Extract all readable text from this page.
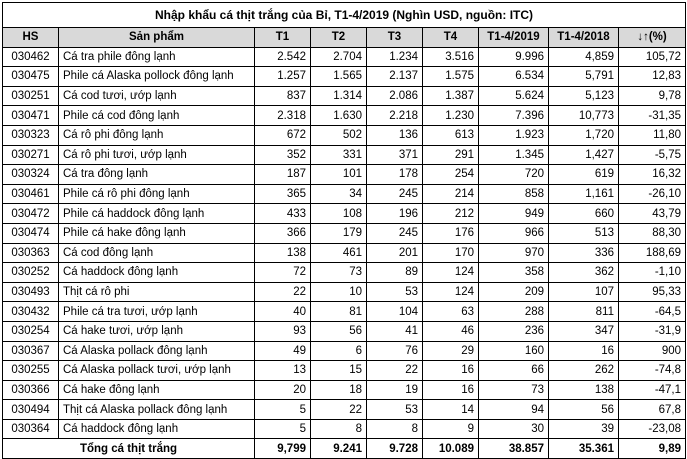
Nhập khẩu cá thịt trắng của Bỉ, T1-4/2019 (Nghìn USD, nguồn: ITC)								
HS	Sản phẩm	T1	T2	T3	T4	T1-4/2019	T1-4/2018	↓↑(%)
030462	Cá tra phile đông lạnh	2.542	2.704	1.234	3.516	9.996	4,859	105,72
030475	Phile cá Alaska pollock đông lạnh	1.257	1.565	2.137	1.575	6.534	5,791	12,83
030251	Cá cod tươi, ướp lạnh	837	1.314	2.086	1.387	5.624	5,123	9,78
030471	Phile cá cod đông lạnh	2.318	1.630	2.218	1.230	7.396	10,773	-31,35
030323	Cá rô phi đông lạnh	672	502	136	613	1.923	1,720	11,80
030271	Cá rô phi tươi, ướp lạnh	352	331	371	291	1.345	1,427	-5,75
030324	Cá tra đông lạnh	187	101	178	254	720	619	16,32
030461	Phile cá rô phi đông lạnh	365	34	245	214	858	1,161	-26,10
030472	Phile cá haddock đông lạnh	433	108	196	212	949	660	43,79
030474	Phile cá hake đông lạnh	366	179	245	176	966	513	88,30
030363	Cá cod đông lạnh	138	461	201	170	970	336	188,69
030252	Cá haddock đông lạnh	72	73	89	124	358	362	-1,10
030493	Thịt cá rô phi	22	10	53	124	209	107	95,33
030432	Phile cá tra tươi, ướp lạnh	40	81	104	63	288	811	-64,5
030254	Cá hake tươi, ướp lạnh	93	56	41	46	236	347	-31,9
030367	Cá Alaska pollack đông lạnh	49	6	76	29	160	16	900
030255	Cá Alaska pollack tươi, ướp lạnh	13	15	22	16	66	262	-74,8
030366	Cá hake đông lạnh	20	18	19	16	73	138	-47,1
030494	Thịt cá Alaska pollack đông lạnh	5	22	53	14	94	56	67,8
030364	Cá haddock đông lạnh	5	8	8	9	30	39	-23,08
Tổng cá thịt trắng		9,799	9.241	9.728	10.089	38.857	35.361	9,89
